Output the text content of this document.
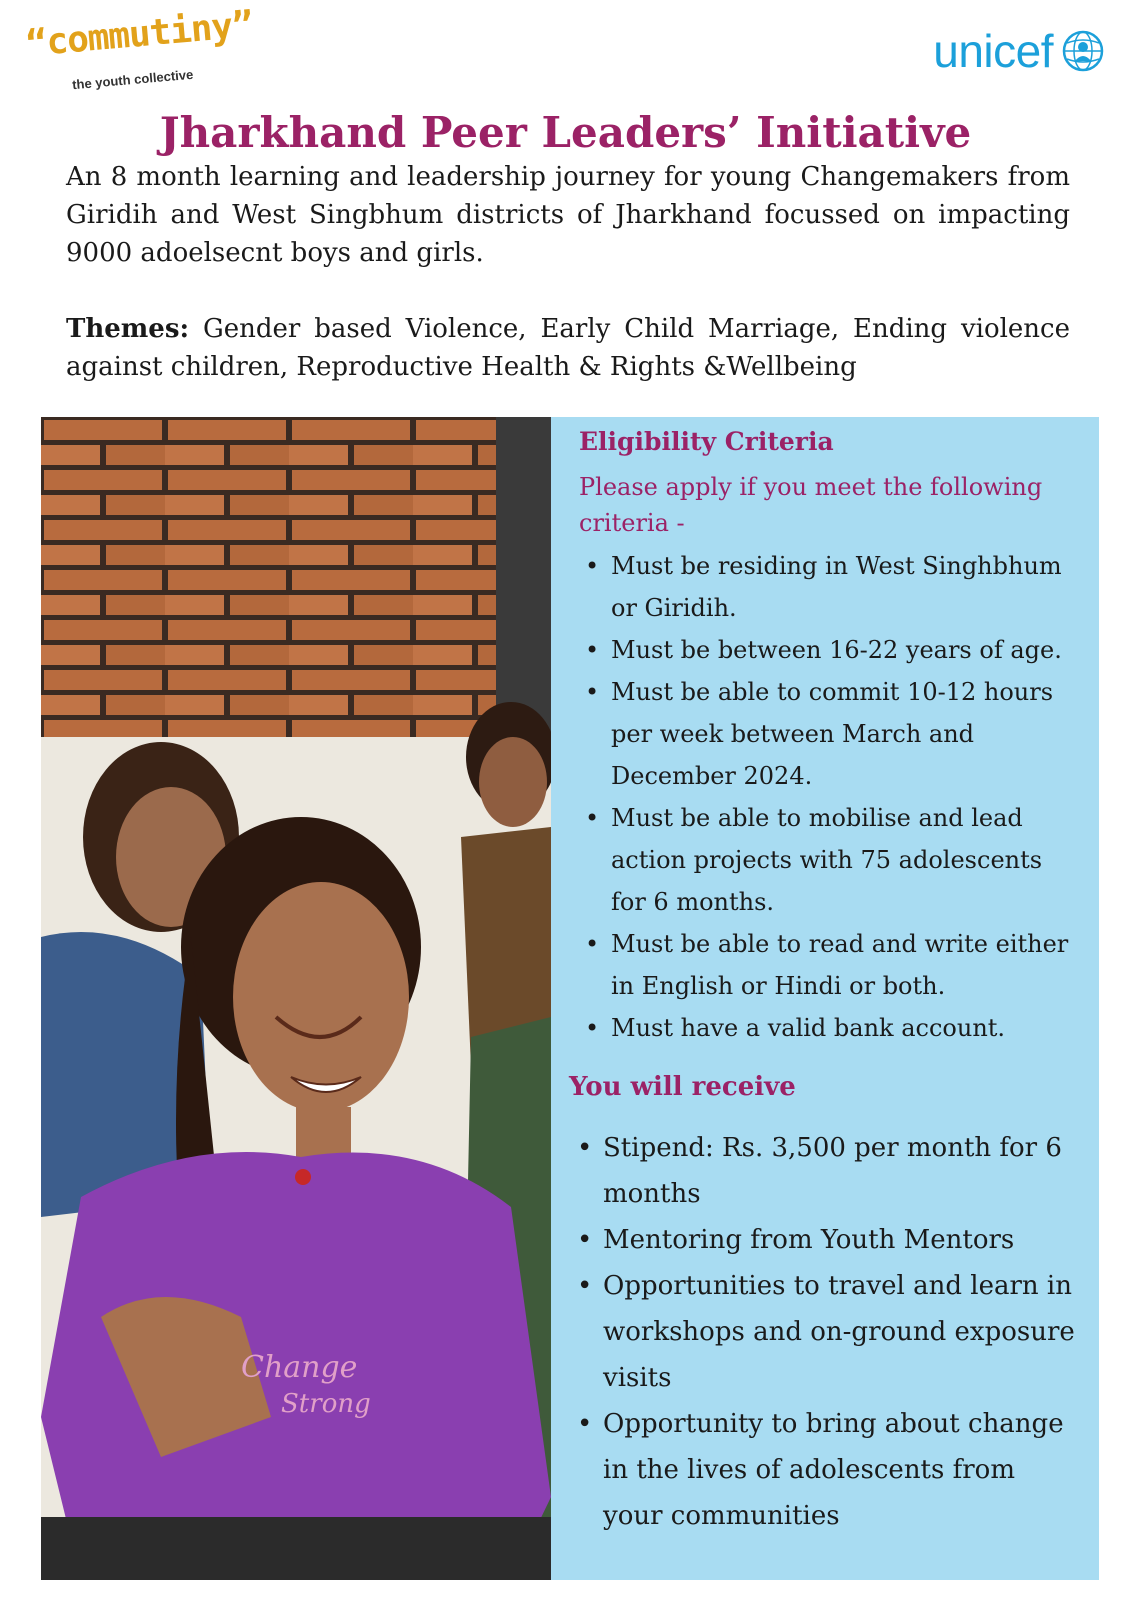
“commutiny”
the youth collective
unicef
Jharkhand Peer Leaders’ Initiative

An 8 month learning and leadership journey for young Changemakers from Giridih and West Singbhum districts of Jharkhand focussed on impacting 9000 adoelsecnt boys and girls.

Themes: Gender based Violence, Early Child Marriage, Ending violence against children, Reproductive Health & Rights &Wellbeing

Change
Strong
Eligibility Criteria

Please apply if you meet the following criteria -

• Must be residing in West Singhbhum or Giridih.
• Must be between 16-22 years of age.
• Must be able to commit 10-12 hours per week between March and December 2024.
• Must be able to mobilise and lead action projects with 75 adolescents for 6 months.
• Must be able to read and write either in English or Hindi or both.
• Must have a valid bank account.
You will receive
• Stipend: Rs. 3,500 per month for 6 months
• Mentoring from Youth Mentors
• Opportunities to travel and learn in workshops and on-ground exposure visits
• Opportunity to bring about change in the lives of adolescents from your communities
